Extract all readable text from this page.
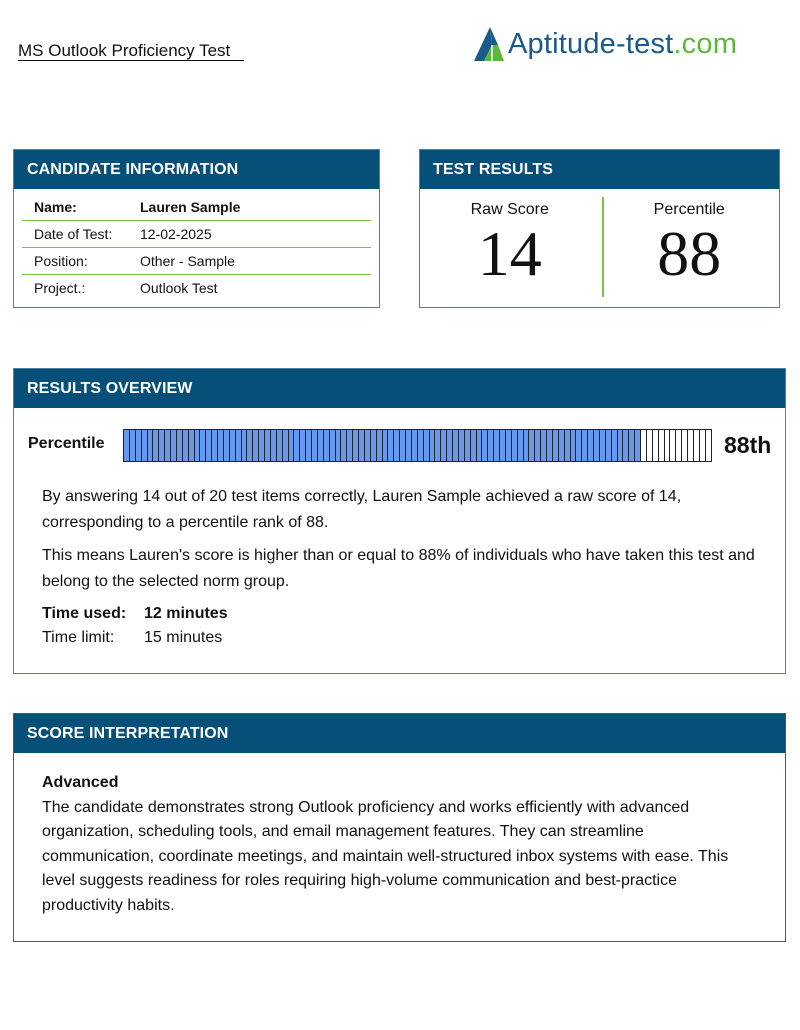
MS Outlook Proficiency Test	Aptitude-test.com
CANDIDATE INFORMATION
Name:	Lauren Sample
Date of Test:	12-02-2025
Position:	Other - Sample
Project.:	Outlook Test
TEST RESULTS
Raw Score
14
Percentile
88
RESULTS OVERVIEW
Percentile	88th

By answering 14 out of 20 test items correctly, Lauren Sample achieved a raw score of 14, corresponding to a percentile rank of 88.

This means Lauren's score is higher than or equal to 88% of individuals who have taken this test and belong to the selected norm group.

Time used:	12 minutes
Time limit:	15 minutes
SCORE INTERPRETATION
Advanced
The candidate demonstrates strong Outlook proficiency and works efficiently with advanced organization, scheduling tools, and email management features. They can streamline communication, coordinate meetings, and maintain well-structured inbox systems with ease. This level suggests readiness for roles requiring high-volume communication and best-practice productivity habits.
